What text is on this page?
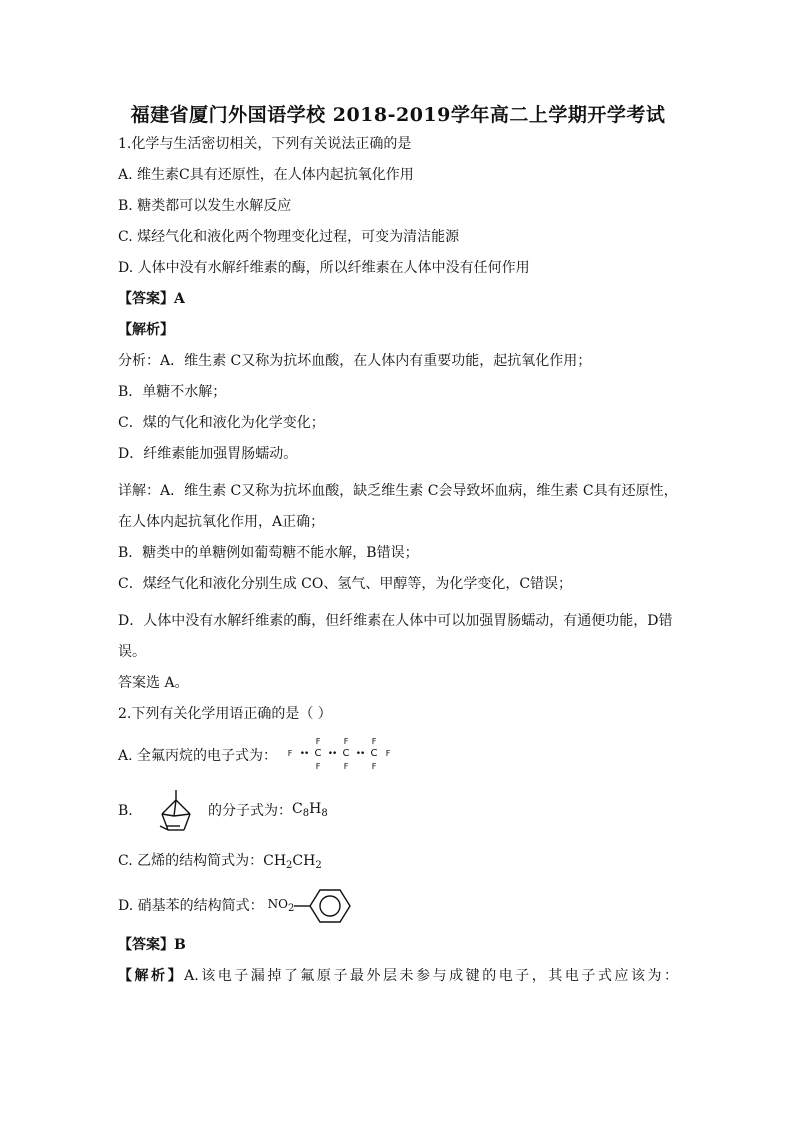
福建省厦门外国语学校 2018-2019学年高二上学期开学考试
1.化学与生活密切相关，下列有关说法正确的是
A. 维生素C具有还原性，在人体内起抗氧化作用
B. 糖类都可以发生水解反应
C. 煤经气化和液化两个物理变化过程，可变为清洁能源
D. 人体中没有水解纤维素的酶，所以纤维素在人体中没有任何作用
【答案】A
【解析】
分析：A．维生素 C又称为抗坏血酸，在人体内有重要功能，起抗氧化作用；
B．单糖不水解；
C．煤的气化和液化为化学变化；
D．纤维素能加强胃肠蠕动。
详解：A．维生素 C又称为抗坏血酸，缺乏维生素 C会导致坏血病，维生素 C具有还原性，在人体内起抗氧化作用，A正确；
B．糖类中的单糖例如葡萄糖不能水解，B错误；
C．煤经气化和液化分别生成 CO、氢气、甲醇等，为化学变化，C错误；
D．人体中没有水解纤维素的酶，但纤维素在人体中可以加强胃肠蠕动，有通便功能，D错误。
答案选 A。
2.下列有关化学用语正确的是（ ）
A. 全氟丙烷的电子式为：
F	F	F
F •• C •• C •• C F
F	F	F
B.	的分子式为： $C_8H_8$
C. 乙烯的结构简式为：$CH_2CH_2$
D. 硝基苯的结构简式： $NO_2$
【答案】B
【解析】A.该电子漏掉了氟原子最外层未参与成键的电子，其电子式应该为：
